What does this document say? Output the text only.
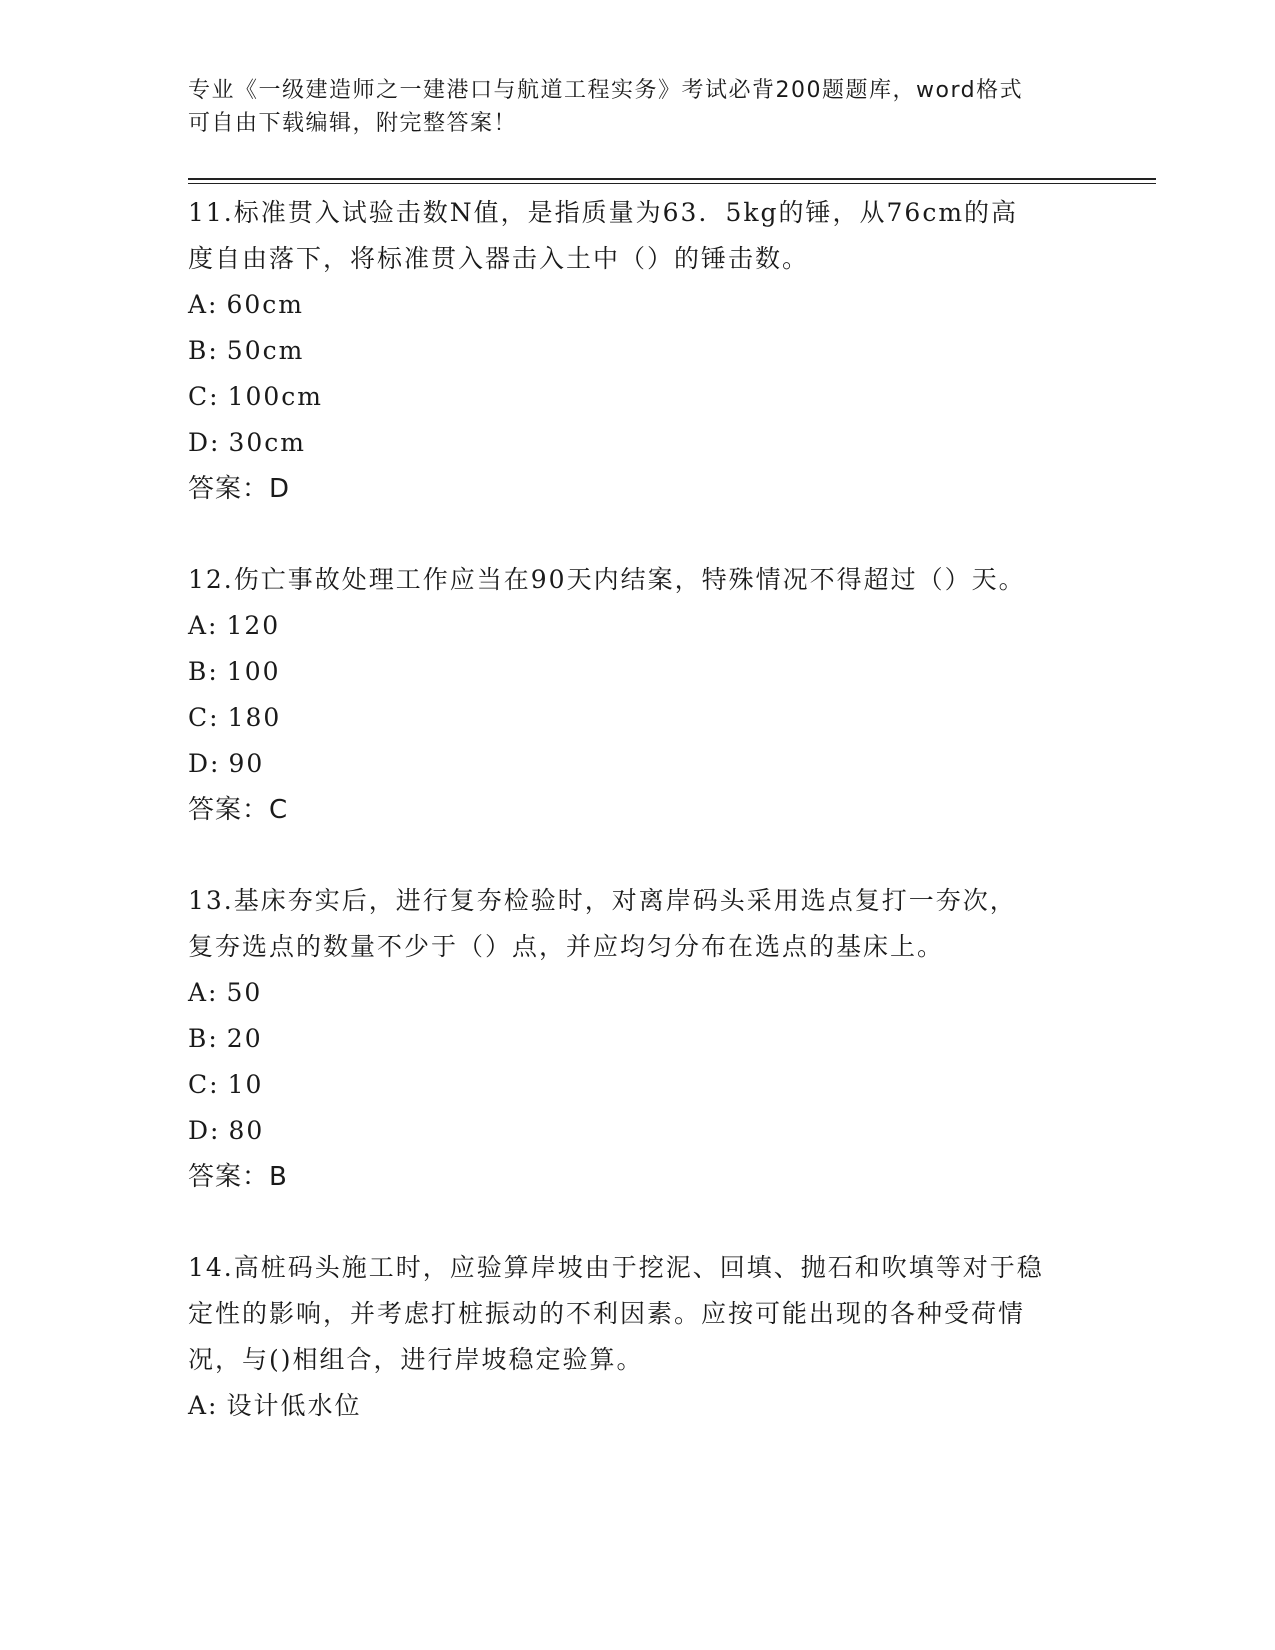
专业《一级建造师之一建港口与航道工程实务》考试必背200题题库，word格式
可自由下载编辑，附完整答案！
11.标准贯入试验击数N值，是指质量为63．5kg的锤，从76cm的高度自由落下，将标准贯入器击入土中（）的锤击数。
A: 60cm
B: 50cm
C: 100cm
D: 30cm
答案：D
12.伤亡事故处理工作应当在90天内结案，特殊情况不得超过（）天。
A: 120
B: 100
C: 180
D: 90
答案：C
13.基床夯实后，进行复夯检验时，对离岸码头采用选点复打一夯次，复夯选点的数量不少于（）点，并应均匀分布在选点的基床上。
A: 50
B: 20
C: 10
D: 80
答案：B
14.高桩码头施工时，应验算岸坡由于挖泥、回填、抛石和吹填等对于稳定性的影响，并考虑打桩振动的不利因素。应按可能出现的各种受荷情况，与()相组合，进行岸坡稳定验算。
A: 设计低水位
